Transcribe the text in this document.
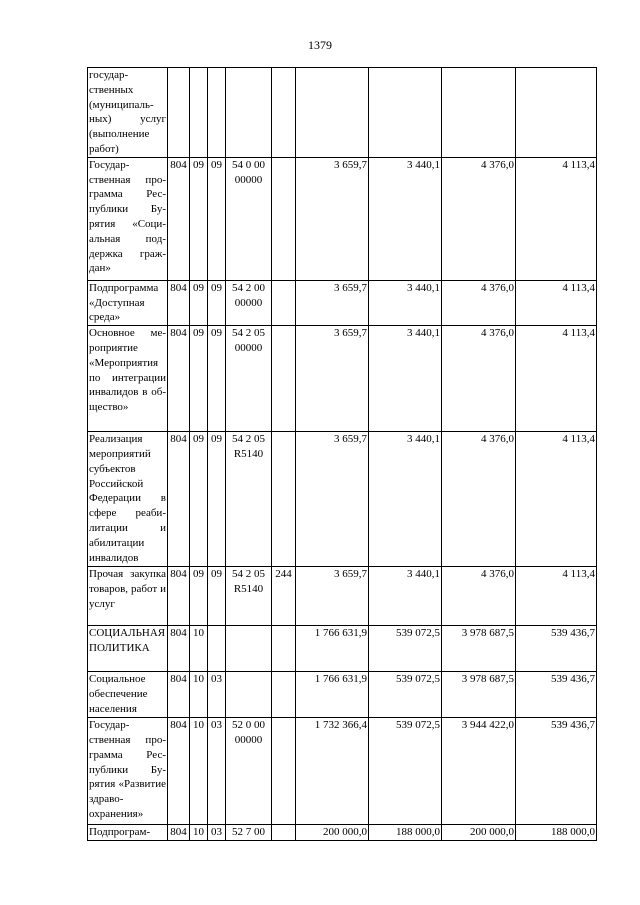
1379
государственных (муниципальных) услуг (выполнение работ)									
Государственная программа Республики Бурятия «Социальная поддержка граждан»	804	09	09	54 0 00 00000		3 659,7	3 440,1	4 376,0	4 113,4
Подпрограмма «Доступная среда»	804	09	09	54 2 00 00000		3 659,7	3 440,1	4 376,0	4 113,4
Основное мероприятие «Мероприятия по интеграции инвалидов в общество»	804	09	09	54 2 05 00000		3 659,7	3 440,1	4 376,0	4 113,4
Реализация мероприятий субъектов Российской Федерации в сфере реабилитации и абилитации инвалидов	804	09	09	54 2 05 R5140		3 659,7	3 440,1	4 376,0	4 113,4
Прочая закупка товаров, работ и услуг	804	09	09	54 2 05 R5140	244	3 659,7	3 440,1	4 376,0	4 113,4
СОЦИАЛЬНАЯ ПОЛИТИКА	804	10				1 766 631,9	539 072,5	3 978 687,5	539 436,7
Социальное обеспечение населения	804	10	03			1 766 631,9	539 072,5	3 978 687,5	539 436,7
Государственная программа Республики Бурятия «Развитие здравоохранения»	804	10	03	52 0 00 00000		1 732 366,4	539 072,5	3 944 422,0	539 436,7
Подпрограм-	804	10	03	52 7 00		200 000,0	188 000,0	200 000,0	188 000,0
